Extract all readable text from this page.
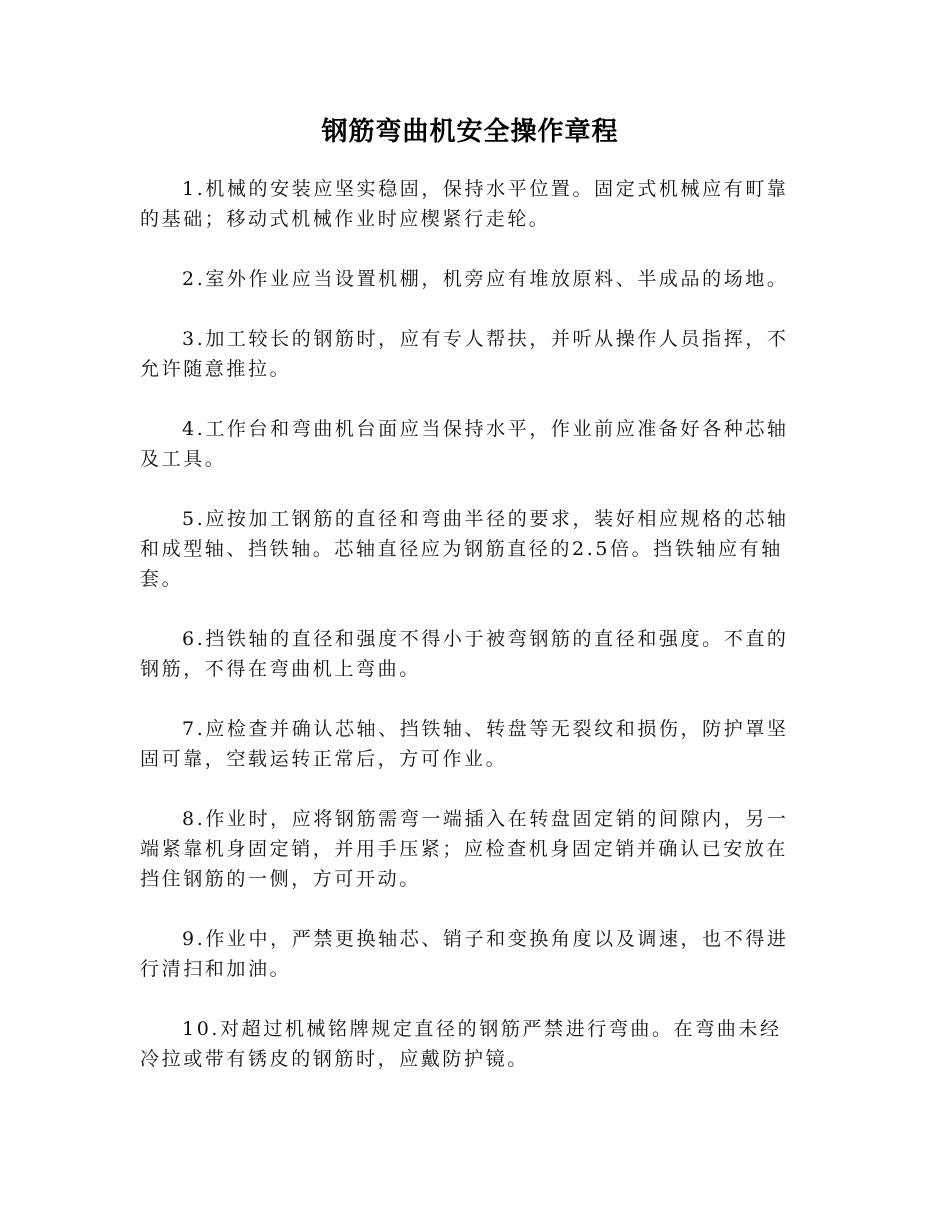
钢筋弯曲机安全操作章程

1.机械的安装应坚实稳固，保持水平位置。固定式机械应有町靠的基础；移动式机械作业时应楔紧行走轮。

2.室外作业应当设置机棚，机旁应有堆放原料、半成品的场地。

3.加工较长的钢筋时，应有专人帮扶，并听从操作人员指挥，不允许随意推拉。

4.工作台和弯曲机台面应当保持水平，作业前应准备好各种芯轴及工具。

5.应按加工钢筋的直径和弯曲半径的要求，装好相应规格的芯轴和成型轴、挡铁轴。芯轴直径应为钢筋直径的2.5倍。挡铁轴应有轴套。

6.挡铁轴的直径和强度不得小于被弯钢筋的直径和强度。不直的钢筋，不得在弯曲机上弯曲。

7.应检查并确认芯轴、挡铁轴、转盘等无裂纹和损伤，防护罩坚固可靠，空载运转正常后，方可作业。

8.作业时，应将钢筋需弯一端插入在转盘固定销的间隙内，另一端紧靠机身固定销，并用手压紧；应检查机身固定销并确认已安放在挡住钢筋的一侧，方可开动。

9.作业中，严禁更换轴芯、销子和变换角度以及调速，也不得进行清扫和加油。

10.对超过机械铭牌规定直径的钢筋严禁进行弯曲。在弯曲未经冷拉或带有锈皮的钢筋时，应戴防护镜。
